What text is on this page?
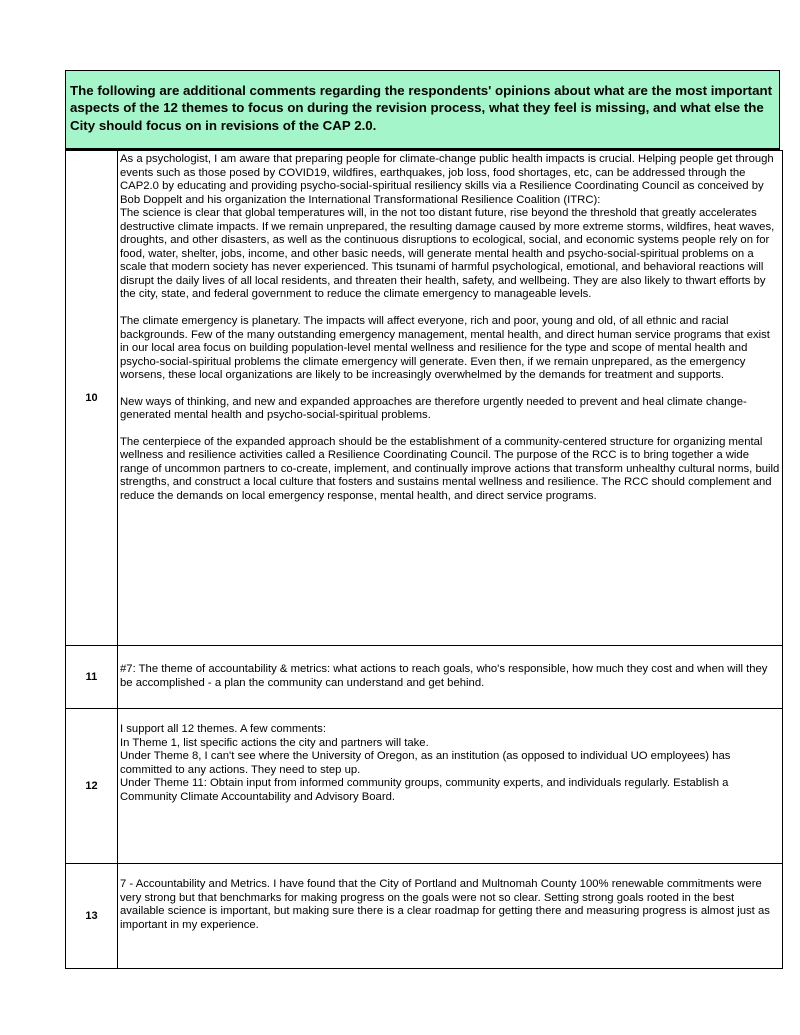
The following are additional comments regarding the respondents' opinions about what are the most important aspects of the 12 themes to focus on during the revision process, what they feel is missing, and what else the City should focus on in revisions of the CAP 2.0.
10	As a psychologist, I am aware that preparing people for climate-change public health impacts is crucial. Helping people get through events such as those posed by COVID19, wildfires, earthquakes, job loss, food shortages, etc, can be addressed through the CAP2.0 by educating and providing psycho-social-spiritual resiliency skills via a Resilience Coordinating Council as conceived by Bob Doppelt and his organization the International Transformational Resilience Coalition (ITRC):
The science is clear that global temperatures will, in the not too distant future, rise beyond the threshold that greatly accelerates destructive climate impacts. If we remain unprepared, the resulting damage caused by more extreme storms, wildfires, heat waves, droughts, and other disasters, as well as the continuous disruptions to ecological, social, and economic systems people rely on for food, water, shelter, jobs, income, and other basic needs, will generate mental health and psycho-social-spiritual problems on a scale that modern society has never experienced. This tsunami of harmful psychological, emotional, and behavioral reactions will disrupt the daily lives of all local residents, and threaten their health, safety, and wellbeing. They are also likely to thwart efforts by the city, state, and federal government to reduce the climate emergency to manageable levels.

The climate emergency is planetary. The impacts will affect everyone, rich and poor, young and old, of all ethnic and racial backgrounds. Few of the many outstanding emergency management, mental health, and direct human service programs that exist in our local area focus on building population-level mental wellness and resilience for the type and scope of mental health and psycho-social-spiritual problems the climate emergency will generate. Even then, if we remain unprepared, as the emergency worsens, these local organizations are likely to be increasingly overwhelmed by the demands for treatment and supports.

New ways of thinking, and new and expanded approaches are therefore urgently needed to prevent and heal climate change-generated mental health and psycho-social-spiritual problems.

The centerpiece of the expanded approach should be the establishment of a community-centered structure for organizing mental wellness and resilience activities called a Resilience Coordinating Council. The purpose of the RCC is to bring together a wide range of uncommon partners to co-create, implement, and continually improve actions that transform unhealthy cultural norms, build strengths, and construct a local culture that fosters and sustains mental wellness and resilience. The RCC should complement and reduce the demands on local emergency response, mental health, and direct service programs.

11	#7: The theme of accountability & metrics: what actions to reach goals, who's responsible, how much they cost and when will they be accomplished - a plan the community can understand and get behind.

12	I support all 12 themes. A few comments:
In Theme 1, list specific actions the city and partners will take.
Under Theme 8, I can't see where the University of Oregon, as an institution (as opposed to individual UO employees) has committed to any actions. They need to step up.
Under Theme 11: Obtain input from informed community groups, community experts, and individuals regularly. Establish a Community Climate Accountability and Advisory Board.

13	7 - Accountability and Metrics. I have found that the City of Portland and Multnomah County 100% renewable commitments were very strong but that benchmarks for making progress on the goals were not so clear. Setting strong goals rooted in the best available science is important, but making sure there is a clear roadmap for getting there and measuring progress is almost just as important in my experience.
